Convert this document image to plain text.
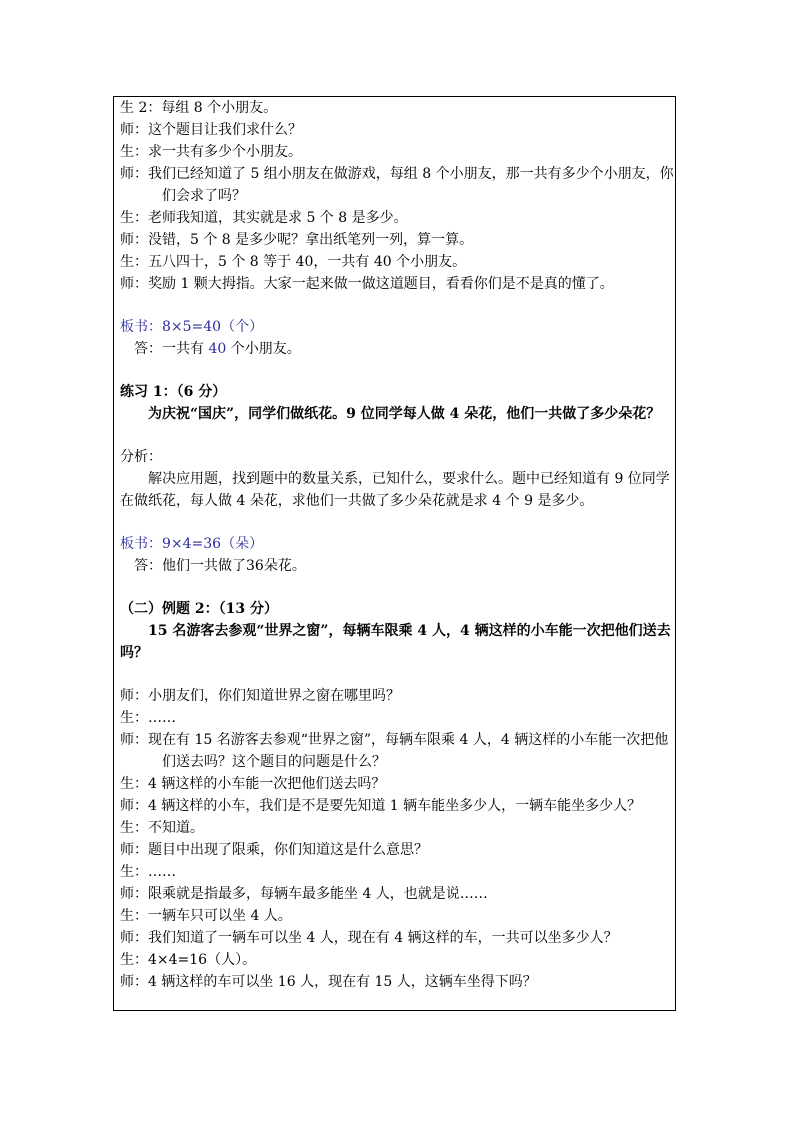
生 2：每组 8 个小朋友。
师：这个题目让我们求什么？
生：求一共有多少个小朋友。
师：我们已经知道了 5 组小朋友在做游戏，每组 8 个小朋友，那一共有多少个小朋友，你们会求了吗？
生：老师我知道，其实就是求 5 个 8 是多少。
师：没错，5 个 8 是多少呢？拿出纸笔列一列，算一算。
生：五八四十，5 个 8 等于 40，一共有 40 个小朋友。
师：奖励 1 颗大拇指。大家一起来做一做这道题目，看看你们是不是真的懂了。
板书：8×5=40（个）
答：一共有 40 个小朋友。
练习 1：（6 分）
为庆祝“国庆”，同学们做纸花。9 位同学每人做 4 朵花，他们一共做了多少朵花？
分析：
解决应用题，找到题中的数量关系，已知什么，要求什么。题中已经知道有 9 位同学在做纸花，每人做 4 朵花，求他们一共做了多少朵花就是求 4 个 9 是多少。
板书：9×4=36（朵）
答：他们一共做了36朵花。
（二）例题 2：（13 分）
15 名游客去参观“世界之窗”，每辆车限乘 4 人，4 辆这样的小车能一次把他们送去吗？
师：小朋友们，你们知道世界之窗在哪里吗？
生：……
师：现在有 15 名游客去参观“世界之窗”，每辆车限乘 4 人，4 辆这样的小车能一次把他们送去吗？这个题目的问题是什么？
生：4 辆这样的小车能一次把他们送去吗？
师：4 辆这样的小车，我们是不是要先知道 1 辆车能坐多少人，一辆车能坐多少人？
生：不知道。
师：题目中出现了限乘，你们知道这是什么意思？
生：……
师：限乘就是指最多，每辆车最多能坐 4 人，也就是说……
生：一辆车只可以坐 4 人。
师：我们知道了一辆车可以坐 4 人，现在有 4 辆这样的车，一共可以坐多少人？
生：4×4=16（人）。
师：4 辆这样的车可以坐 16 人，现在有 15 人，这辆车坐得下吗？
